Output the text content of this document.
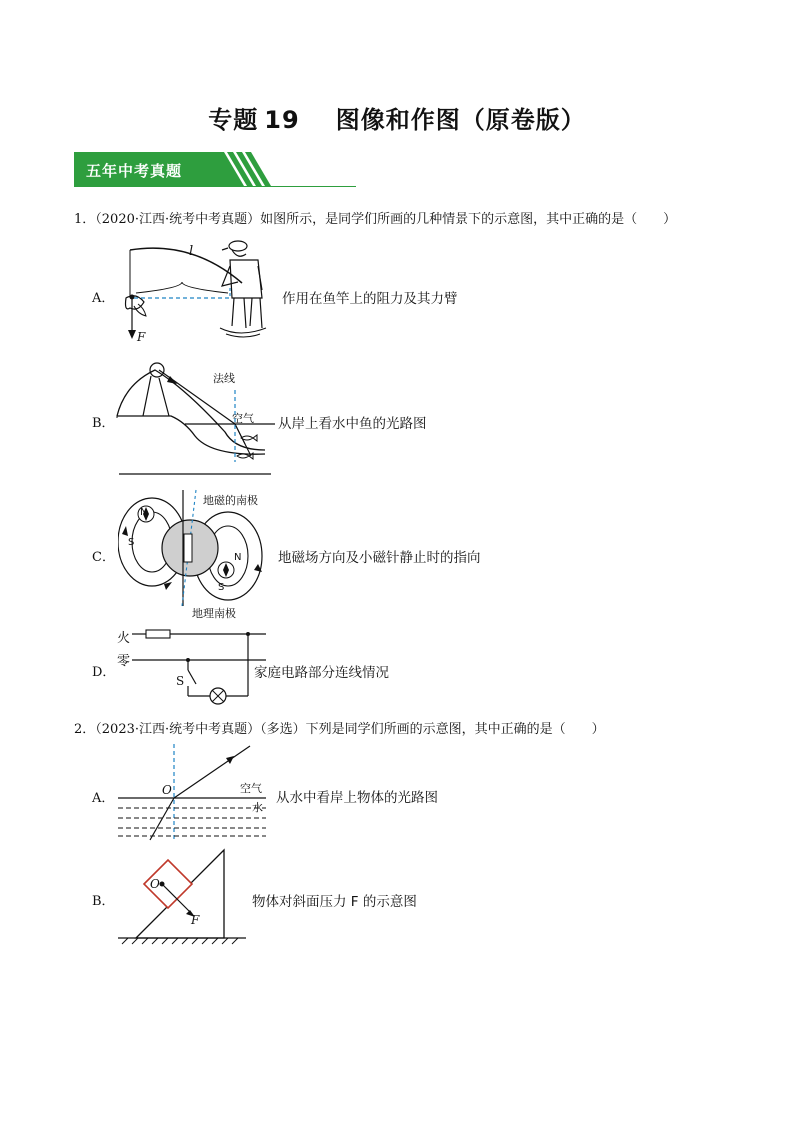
专题 19 图像和作图（原卷版）
五年中考真题
1．（2020·江西·统考中考真题）如图所示，是同学们所画的几种情景下的示意图，其中正确的是（　　）
A．
l
F
作用在鱼竿上的阻力及其力臂
B．
法线
空气 从岸上看水中鱼的光路图
C．
地磁的南极
地理南极
N
S
N
S
地磁场方向及小磁针静止时的指向
D．
火
零
S	家庭电路部分连线情况
2．（2023·江西·统考中考真题）（多选）下列是同学们所画的示意图，其中正确的是（　　）
A．
O	空气
水
从水中看岸上物体的光路图
B．
O
F
物体对斜面压力 F 的示意图
